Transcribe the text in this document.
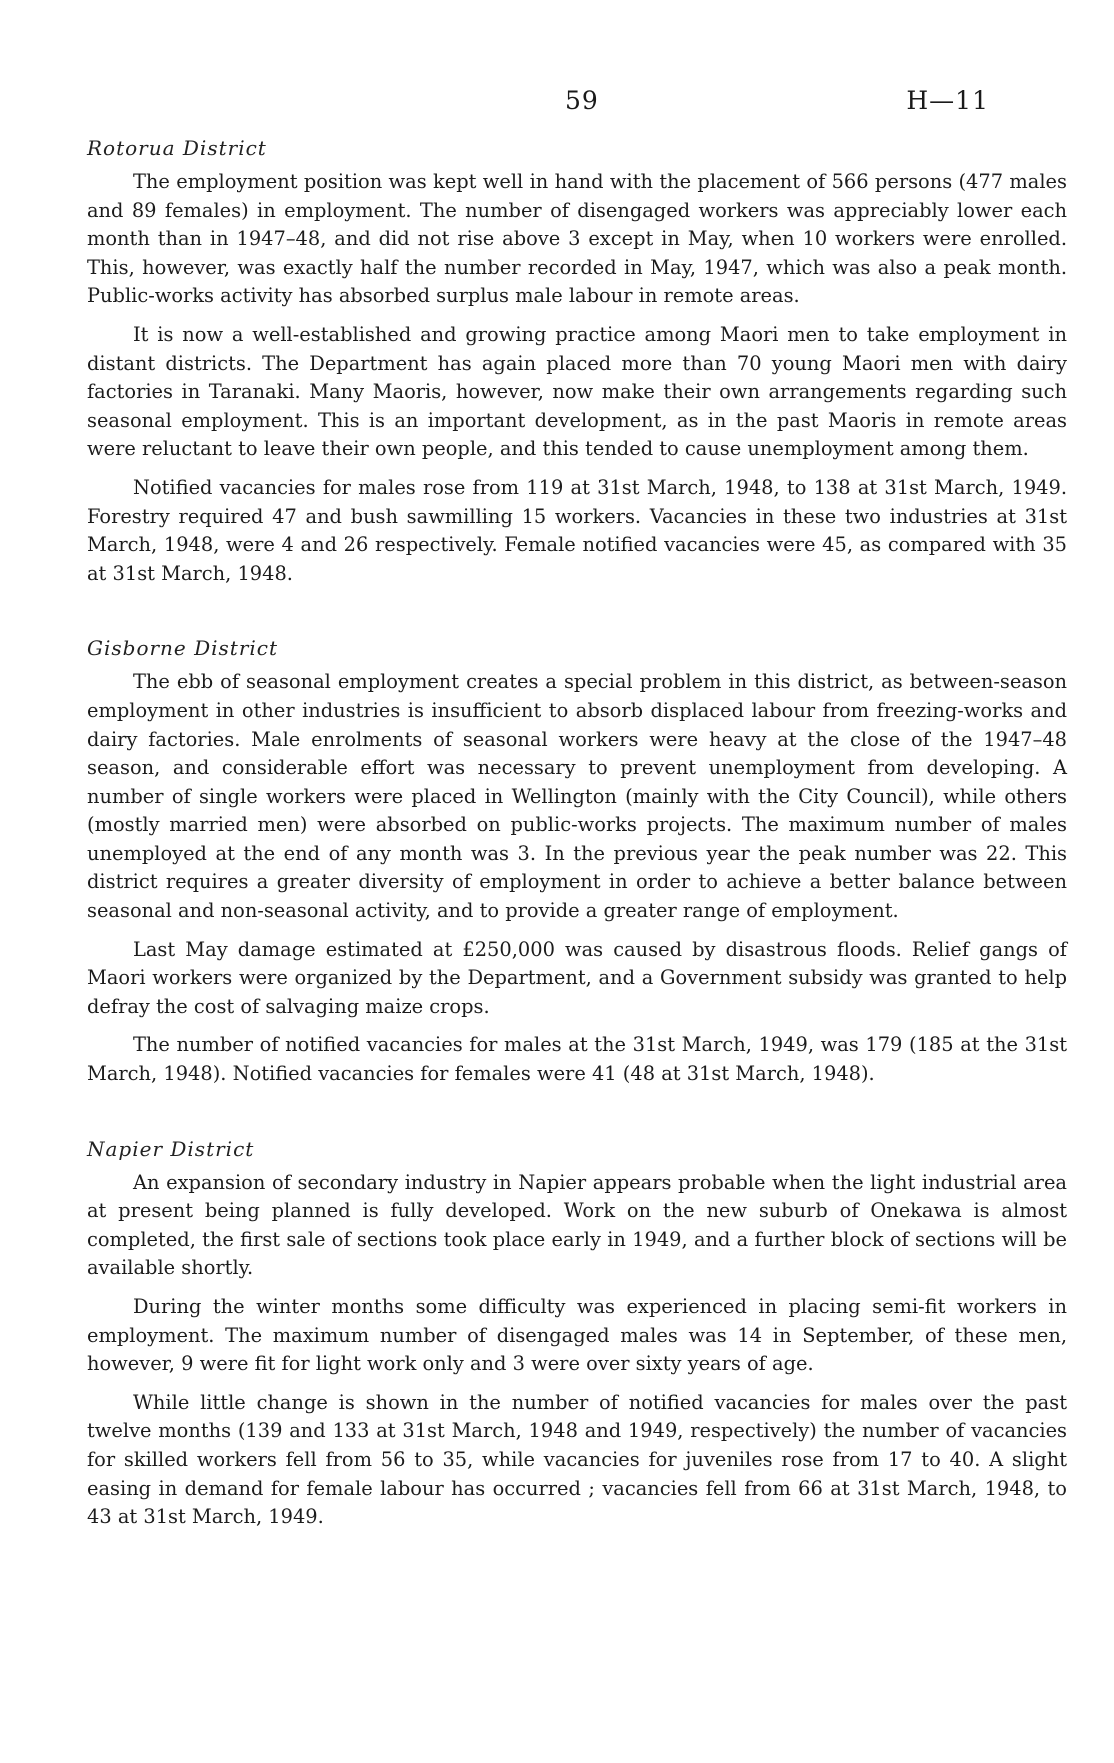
59	H—11
Rotorua District

The employment position was kept well in hand with the placement of 566 persons (477 males and 89 females) in employment. The number of disengaged workers was appreciably lower each month than in 1947–48, and did not rise above 3 except in May, when 10 workers were enrolled. This, however, was exactly half the number recorded in May, 1947, which was also a peak month. Public-works activity has absorbed surplus male labour in remote areas.

It is now a well-established and growing practice among Maori men to take employment in distant districts. The Department has again placed more than 70 young Maori men with dairy factories in Taranaki. Many Maoris, however, now make their own arrangements regarding such seasonal employment. This is an important development, as in the past Maoris in remote areas were reluctant to leave their own people, and this tended to cause unemployment among them.

Notified vacancies for males rose from 119 at 31st March, 1948, to 138 at 31st March, 1949. Forestry required 47 and bush sawmilling 15 workers. Vacancies in these two industries at 31st March, 1948, were 4 and 26 respectively. Female notified vacancies were 45, as compared with 35 at 31st March, 1948.

Gisborne District

The ebb of seasonal employment creates a special problem in this district, as between-season employment in other industries is insufficient to absorb displaced labour from freezing-works and dairy factories. Male enrolments of seasonal workers were heavy at the close of the 1947–48 season, and considerable effort was necessary to prevent unemployment from developing. A number of single workers were placed in Wellington (mainly with the City Council), while others (mostly married men) were absorbed on public-works projects. The maximum number of males unemployed at the end of any month was 3. In the previous year the peak number was 22. This district requires a greater diversity of employment in order to achieve a better balance between seasonal and non-seasonal activity, and to provide a greater range of employment.

Last May damage estimated at £250,000 was caused by disastrous floods. Relief gangs of Maori workers were organized by the Department, and a Government subsidy was granted to help defray the cost of salvaging maize crops.

The number of notified vacancies for males at the 31st March, 1949, was 179 (185 at the 31st March, 1948). Notified vacancies for females were 41 (48 at 31st March, 1948).

Napier District

An expansion of secondary industry in Napier appears probable when the light industrial area at present being planned is fully developed. Work on the new suburb of Onekawa is almost completed, the first sale of sections took place early in 1949, and a further block of sections will be available shortly.

During the winter months some difficulty was experienced in placing semi-fit workers in employment. The maximum number of disengaged males was 14 in September, of these men, however, 9 were fit for light work only and 3 were over sixty years of age.

While little change is shown in the number of notified vacancies for males over the past twelve months (139 and 133 at 31st March, 1948 and 1949, respectively) the number of vacancies for skilled workers fell from 56 to 35, while vacancies for juveniles rose from 17 to 40. A slight easing in demand for female labour has occurred ; vacancies fell from 66 at 31st March, 1948, to 43 at 31st March, 1949.
